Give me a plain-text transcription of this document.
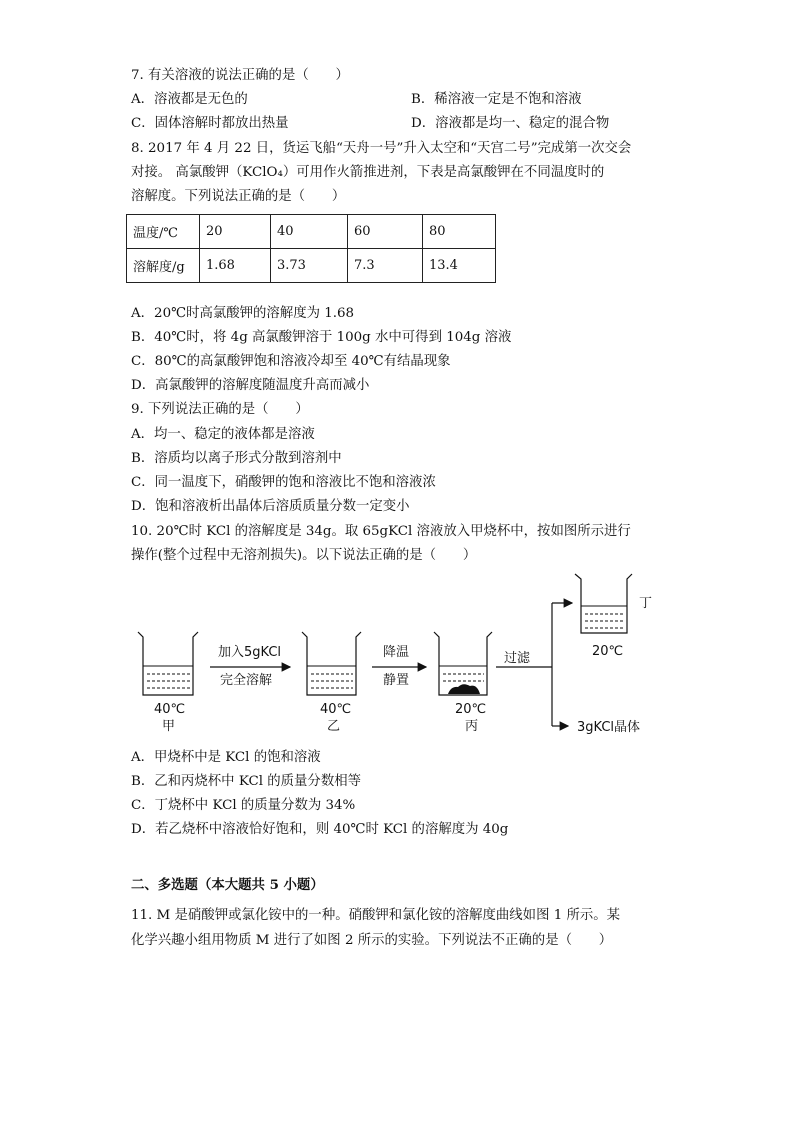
7. 有关溶液的说法正确的是（　　）
A．溶液都是无色的	B．稀溶液一定是不饱和溶液
C．固体溶解时都放出热量	D．溶液都是均一、稳定的混合物
8. 2017 年 4 月 22 日，货运飞船“天舟一号”升入太空和“天宫二号”完成第一次交会
对接。 高氯酸钾（KClO₄）可用作火箭推进剂，下表是高氯酸钾在不同温度时的
溶解度。下列说法正确的是（　　）
温度/℃	20	40	60	80
溶解度/g	1.68	3.73	7.3	13.4
A．20℃时高氯酸钾的溶解度为 1.68
B．40℃时，将 4g 高氯酸钾溶于 100g 水中可得到 104g 溶液
C．80℃的高氯酸钾饱和溶液冷却至 40℃有结晶现象
D．高氯酸钾的溶解度随温度升高而减小
9. 下列说法正确的是（　　）
A．均一、稳定的液体都是溶液
B．溶质均以离子形式分散到溶剂中
C．同一温度下，硝酸钾的饱和溶液比不饱和溶液浓
D．饱和溶液析出晶体后溶质质量分数一定变小
10. 20℃时 KCl 的溶解度是 34g。取 65gKCl 溶液放入甲烧杯中，按如图所示进行
操作(整个过程中无溶剂损失)。以下说法正确的是（　　）
40℃
甲
加入5gKCl
完全溶解
40℃
乙
降温
静置
20℃
丙
过滤
丁
20℃
3gKCl晶体
A．甲烧杯中是 KCl 的饱和溶液
B．乙和丙烧杯中 KCl 的质量分数相等
C．丁烧杯中 KCl 的质量分数为 34%
D．若乙烧杯中溶液恰好饱和，则 40℃时 KCl 的溶解度为 40g
二、多选题（本大题共 5 小题）
11. M 是硝酸钾或氯化铵中的一种。硝酸钾和氯化铵的溶解度曲线如图 1 所示。某
化学兴趣小组用物质 M 进行了如图 2 所示的实验。下列说法不正确的是（　　）
